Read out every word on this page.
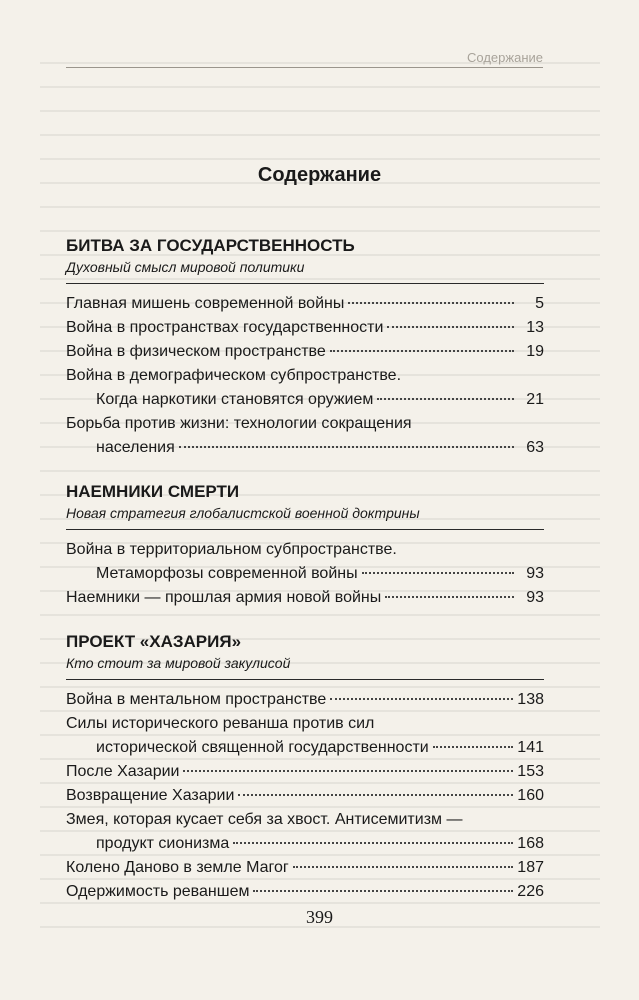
Содержание
Содержание
БИТВА ЗА ГОСУДАРСТВЕННОСТЬ
Духовный смысл мировой политики
Главная мишень современной войны	5
Война в пространствах государственности	13
Война в физическом пространстве	19
Война в демографическом субпространстве.
Когда наркотики становятся оружием	21
Борьба против жизни: технологии сокращения
населения	63
НАЕМНИКИ СМЕРТИ
Новая стратегия глобалистской военной доктрины
Война в территориальном субпространстве.
Метаморфозы современной войны	93
Наемники — прошлая армия новой войны	93
ПРОЕКТ «ХАЗАРИЯ»
Кто стоит за мировой закулисой
Война в ментальном пространстве	138
Силы исторического реванша против сил
исторической священной государственности	141
После Хазарии	153
Возвращение Хазарии	160
Змея, которая кусает себя за хвост. Антисемитизм —
продукт сионизма	168
Колено Даново в земле Магог	187
Одержимость реваншем	226
399
